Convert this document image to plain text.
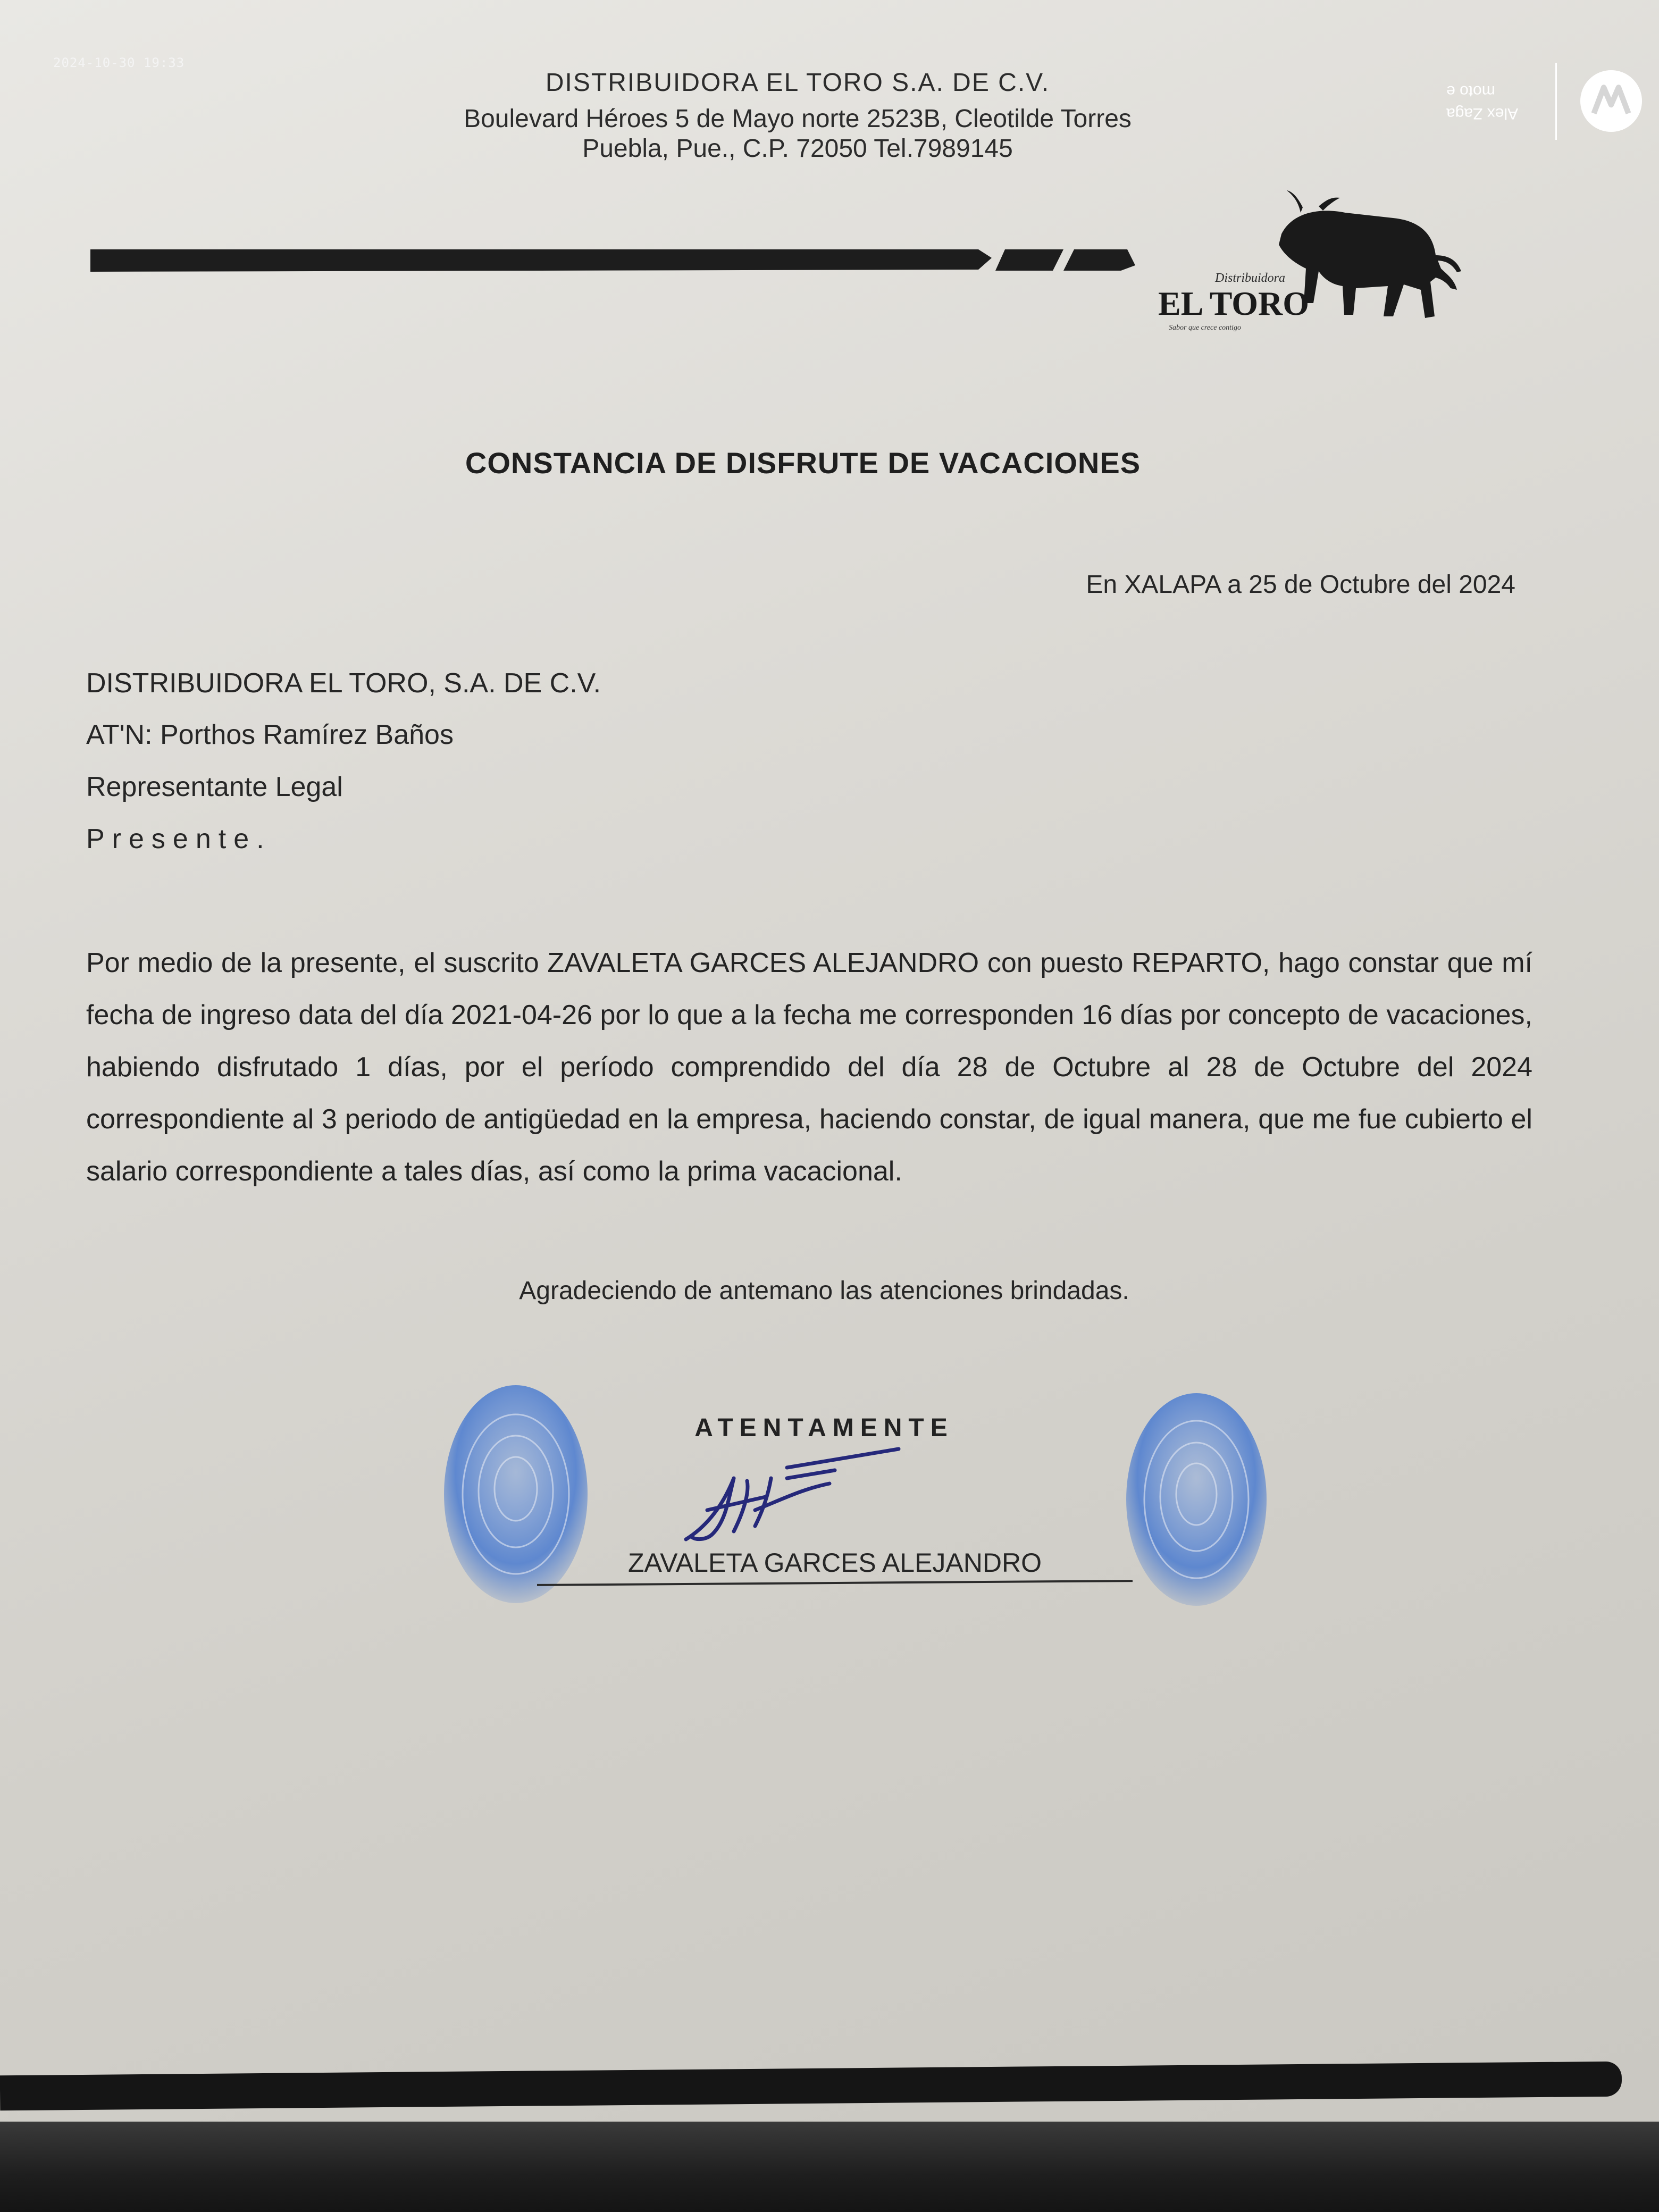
2024-10-30 19:33
Alex Zaga
moto e
DISTRIBUIDORA EL TORO S.A. DE C.V.
Boulevard Héroes 5 de Mayo norte 2523B, Cleotilde Torres
Puebla, Pue., C.P. 72050 Tel.7989145
Distribuidora
EL TORO
Sabor que crece contigo
CONSTANCIA DE DISFRUTE DE VACACIONES
En XALAPA a 25 de Octubre del 2024
DISTRIBUIDORA EL TORO, S.A. DE C.V.
AT'N: Porthos Ramírez Baños
Representante Legal
Presente.
Por medio de la presente, el suscrito ZAVALETA GARCES ALEJANDRO con puesto REPARTO, hago constar que mí fecha de ingreso data del día 2021-04-26 por lo que a la fecha me corresponden 16 días por concepto de vacaciones, habiendo disfrutado 1 días, por el período comprendido del día 28 de Octubre al 28 de Octubre del 2024 correspondiente al 3 periodo de antigüedad en la empresa, haciendo constar, de igual manera, que me fue cubierto el salario correspondiente a tales días, así como la prima vacacional.
Agradeciendo de antemano las atenciones brindadas.
ATENTAMENTE
ZAVALETA GARCES ALEJANDRO
